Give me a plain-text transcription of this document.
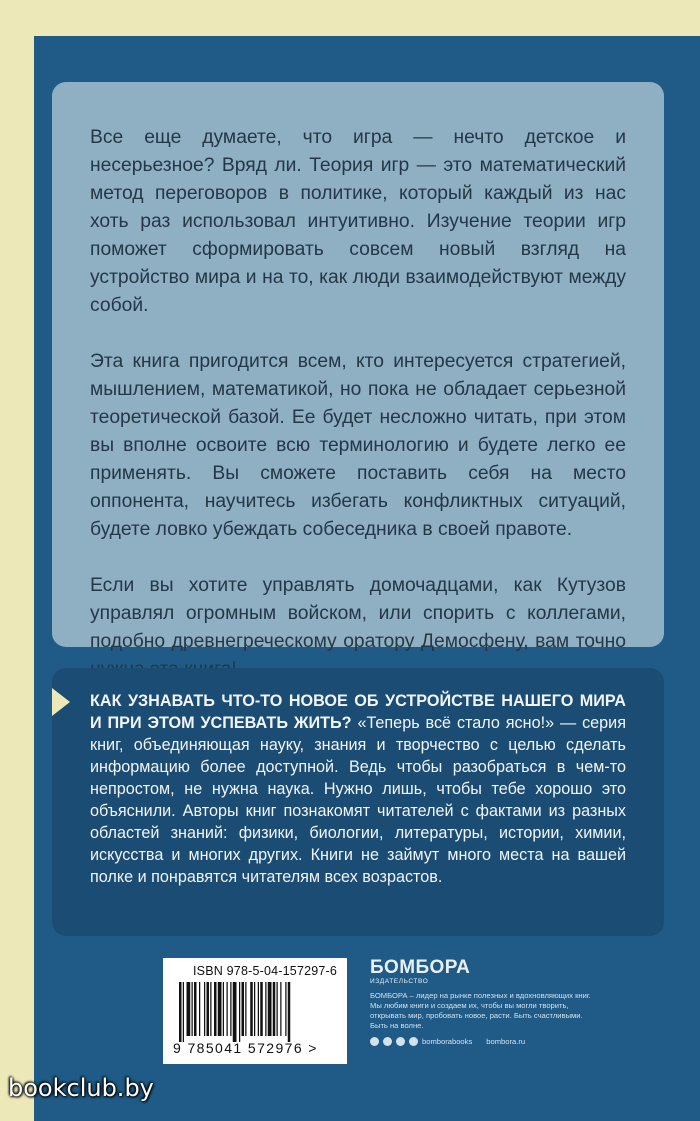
Все еще думаете, что игра — нечто детское и несерьезное? Вряд ли. Теория игр — это математический метод переговоров в политике, который каждый из нас хоть раз использовал интуитивно. Изучение теории игр поможет сформировать совсем новый взгляд на устройство мира и на то, как люди взаимодействуют между собой.

Эта книга пригодится всем, кто интересуется стратегией, мышлением, математикой, но пока не обладает серьезной теоретической базой. Ее будет несложно читать, при этом вы вполне освоите всю терминологию и будете легко ее применять. Вы сможете поставить себя на место оппонента, научитесь избегать конфликтных ситуаций, будете ловко убеждать собеседника в своей правоте.

Если вы хотите управлять домочадцами, как Кутузов управлял огромным войском, или спорить с коллегами, подобно древнегреческому оратору Демосфену, вам точно

КАК УЗНАВАТЬ ЧТО-ТО НОВОЕ ОБ УСТРОЙСТВЕ НАШЕГО МИРА И ПРИ ЭТОМ УСПЕВАТЬ ЖИТЬ? «Теперь всё стало ясно!» — серия книг, объединяющая науку, знания и творчество с целью сделать информацию более доступной. Ведь чтобы разобраться в чем-то непростом, не нужна наука. Нужно лишь, чтобы тебе хорошо это объяснили. Авторы книг познакомят читателей с фактами из разных областей знаний: физики, биологии, литературы, истории, химии, искусства и многих других. Книги не займут много места на вашей полке и понравятся читателям всех возрастов.
ISBN 978-5-04-157297-6
9 785041 572976 >
БОМБОРА
ИЗДАТЕЛЬСТВО
БОМБОРА – лидер на рынке полезных и вдохновляющих книг. Мы любим книги и создаем их, чтобы вы могли творить, открывать мир, пробовать новое, расти. Быть счастливыми. Быть на волне.
bomborabooks bombora.ru
bookclub.by
